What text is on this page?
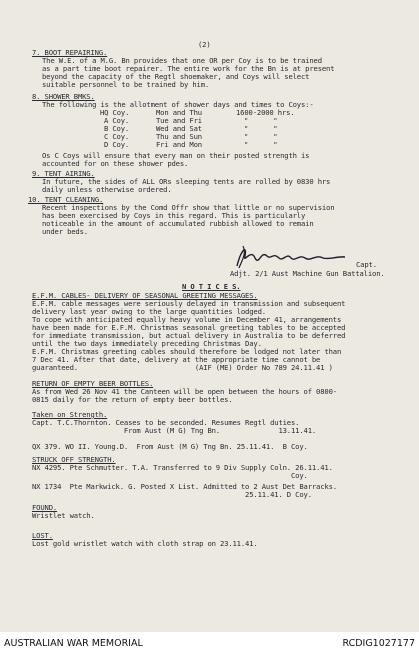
(2)
7. BOOT REPAIRING.
The W.E. of a M.G. Bn provides that one OR per Coy is to be trained
as a part time boot repairer. The entire work for the Bn is at present
beyond the capacity of the Regtl shoemaker, and Coys will select
suitable personnel to be trained by him.
8. SHOWER BMKS.
The following is the allotment of shower days and times to Coys:-
HQ Coy.	Mon and Thu	1600-2000 hrs.
A Coy.	Tue and Fri	"      "
B Coy.	Wed and Sat	"      "
C Coy.	Thu and Sun	"      "
D Coy.	Fri and Mon	"      "
Os C Coys will ensure that every man on their posted strength is
accounted for on these shower pdes.
9. TENT AIRING.
In future, the sides of ALL ORs sleeping tents are rolled by 0830 hrs
daily unless otherwise ordered.
10. TENT CLEANING.
Recent inspections by the Comd Offr show that little or no supervision
has been exercised by Coys in this regard. This is particularly
noticeable in the amount of accumulated rubbish allowed to remain
under beds.
Capt.
Adjt. 2/1 Aust Machine Gun Battalion.
N O T I C E S.
E.F.M. CABLES- DELIVERY OF SEASONAL GREETING MESSAGES.
E.F.M. cable messages were seriously delayed in transmission and subsequent
delivery last year owing to the large quantities lodged.
To cope with anticipated equally heavy volume in December 41, arrangements
have been made for E.F.M. Christmas seasonal greeting tables to be accepted
for immediate transmission, but actual delivery in Australia to be deferred
until the two days immediately preceding Christmas Day.
E.F.M. Christmas greeting cables should therefore be lodged not later than
7 Dec 41. After that date, delivery at the appropriate time cannot be
guaranteed.                            (AIF (ME) Order No 789 24.11.41 )
RETURN OF EMPTY BEER BOTTLES.
As from Wed 26 Nov 41 the Canteen will be open between the hours of 0800-
0815 daily for the return of empty beer bottles.
Taken on Strength.
Capt. T.C.Thornton. Ceases to be seconded. Resumes Regtl duties.
From Aust (M G) Tng Bn.              13.11.41.
QX 379. WO II. Young.D.  From Aust (M G) Tng Bn. 25.11.41.  B Coy.
STRUCK OFF STRENGTH.
NX 4295. Pte Schmutter. T.A. Transferred to 9 Div Supply Coln. 26.11.41.
Coy.
NX 1734  Pte Markwick. G. Posted X List. Admitted to 2 Aust Det Barracks.
25.11.41. D Coy.
FOUND.
Wristlet watch.
LOST.
Lost gold wristlet watch with cloth strap on 23.11.41.
AUSTRALIAN WAR MEMORIAL	RCDIG1027177
